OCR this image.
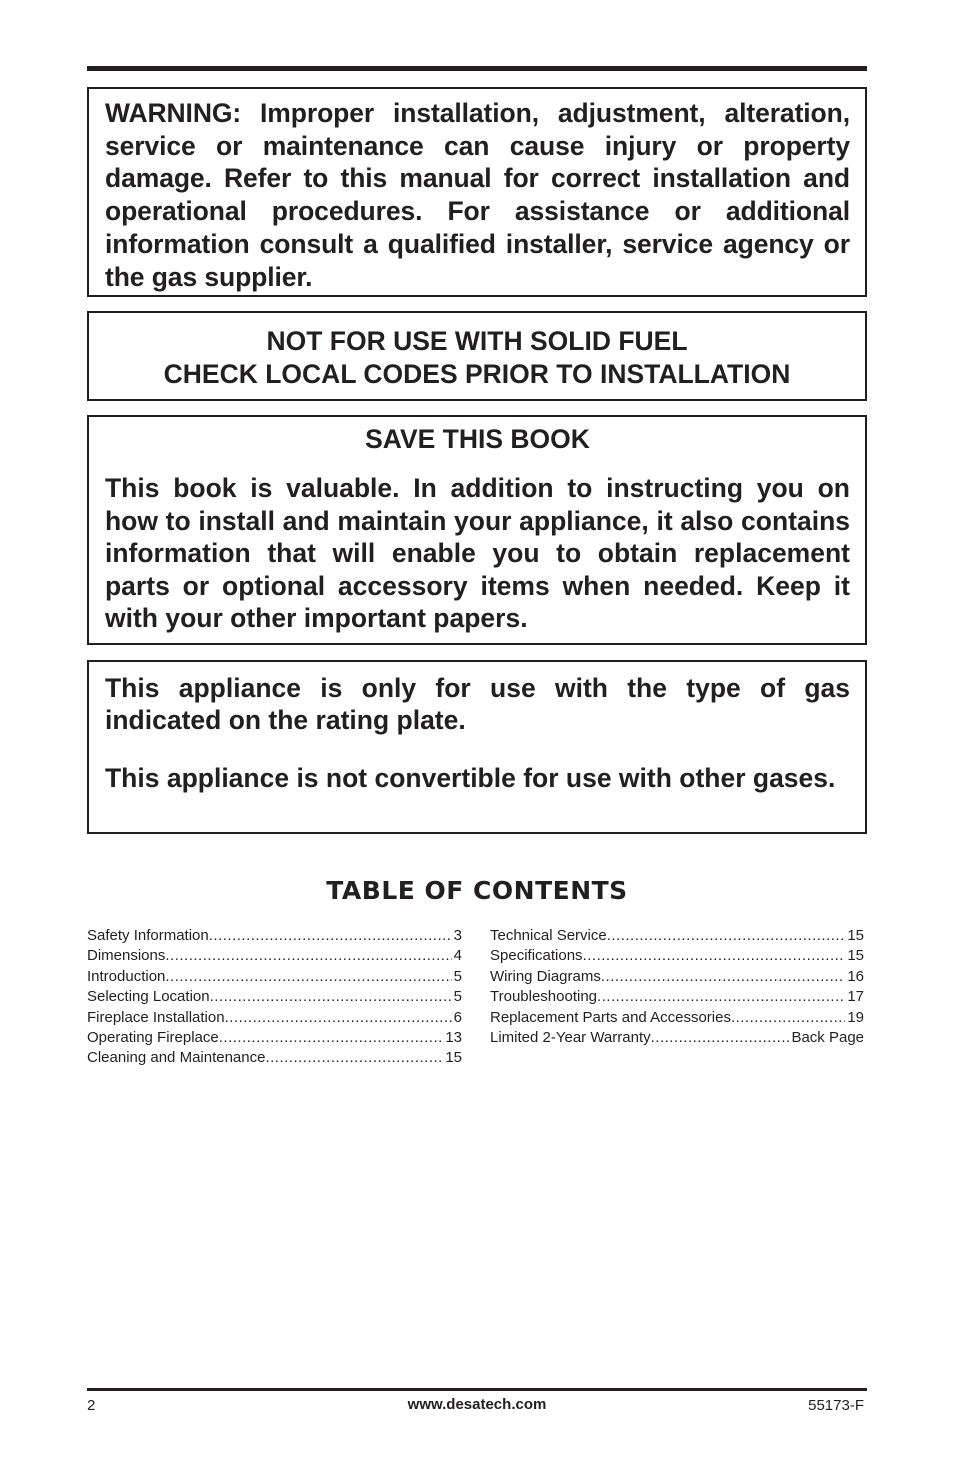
WARNING: Improper installation, adjustment, alteration, service or maintenance can cause injury or property damage. Refer to this manual for correct installation and operational procedures. For assistance or additional information consult a qualified installer, service agency or the gas supplier.

NOT FOR USE WITH SOLID FUEL
CHECK LOCAL CODES PRIOR TO INSTALLATION
SAVE THIS BOOK

This book is valuable. In addition to instructing you on how to install and maintain your appliance, it also contains information that will enable you to obtain replacement parts or optional accessory items when needed. Keep it with your other important papers.

This appliance is only for use with the type of gas indicated on the rating plate.

This appliance is not convertible for use with other gases.

TABLE OF CONTENTS
Safety Information .....	3
Dimensions .....	4
Introduction .....	5
Selecting Location .....	5
Fireplace Installation .....	6
Operating Fireplace .....	13
Cleaning and Maintenance .....	15
Technical Service .....	15
Specifications .....	15
Wiring Diagrams .....	16
Troubleshooting .....	17
Replacement Parts and Accessories .....	19
Limited 2-Year Warranty .....	Back Page
2	www.desatech.com	55173-F
